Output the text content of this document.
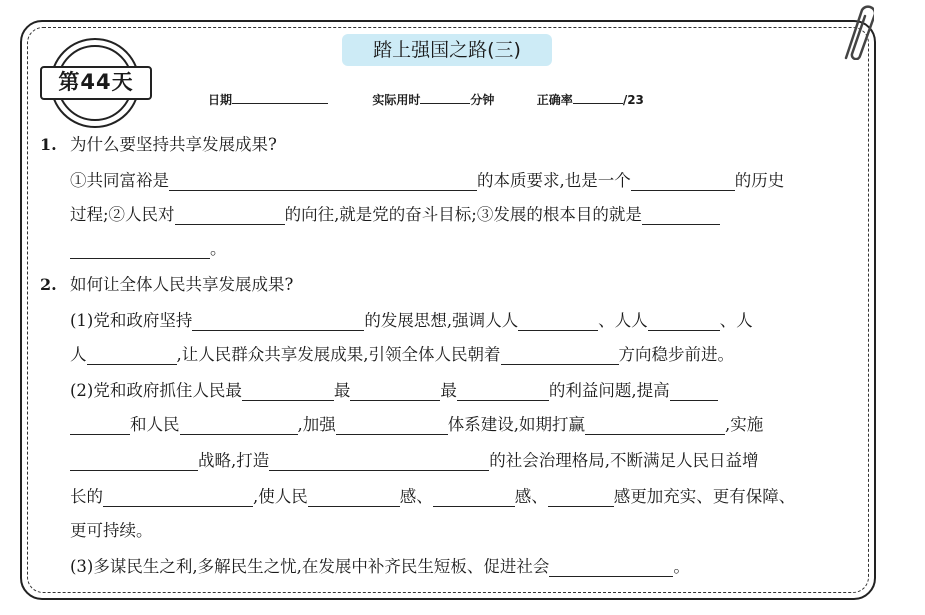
第44天
踏上强国之路(三)
日期	实际用时	分钟	正确率	/23
1. 为什么要坚持共享发展成果?
①共同富裕是	的本质要求,也是一个	的历史
过程;②人民对	的向往,就是党的奋斗目标;③发展的根本目的就是
。
2. 如何让全体人民共享发展成果?
(1)党和政府坚持	的发展思想,强调人人	、人人	、人
人	,让人民群众共享发展成果,引领全体人民朝着	方向稳步前进。
(2)党和政府抓住人民最	最	最	的利益问题,提高
和人民	,加强	体系建设,如期打赢	,实施
战略,打造	的社会治理格局,不断满足人民日益增
长的	,使人民	感、	感、	感更加充实、更有保障、
更可持续。
(3)多谋民生之利,多解民生之忧,在发展中补齐民生短板、促进社会	。
